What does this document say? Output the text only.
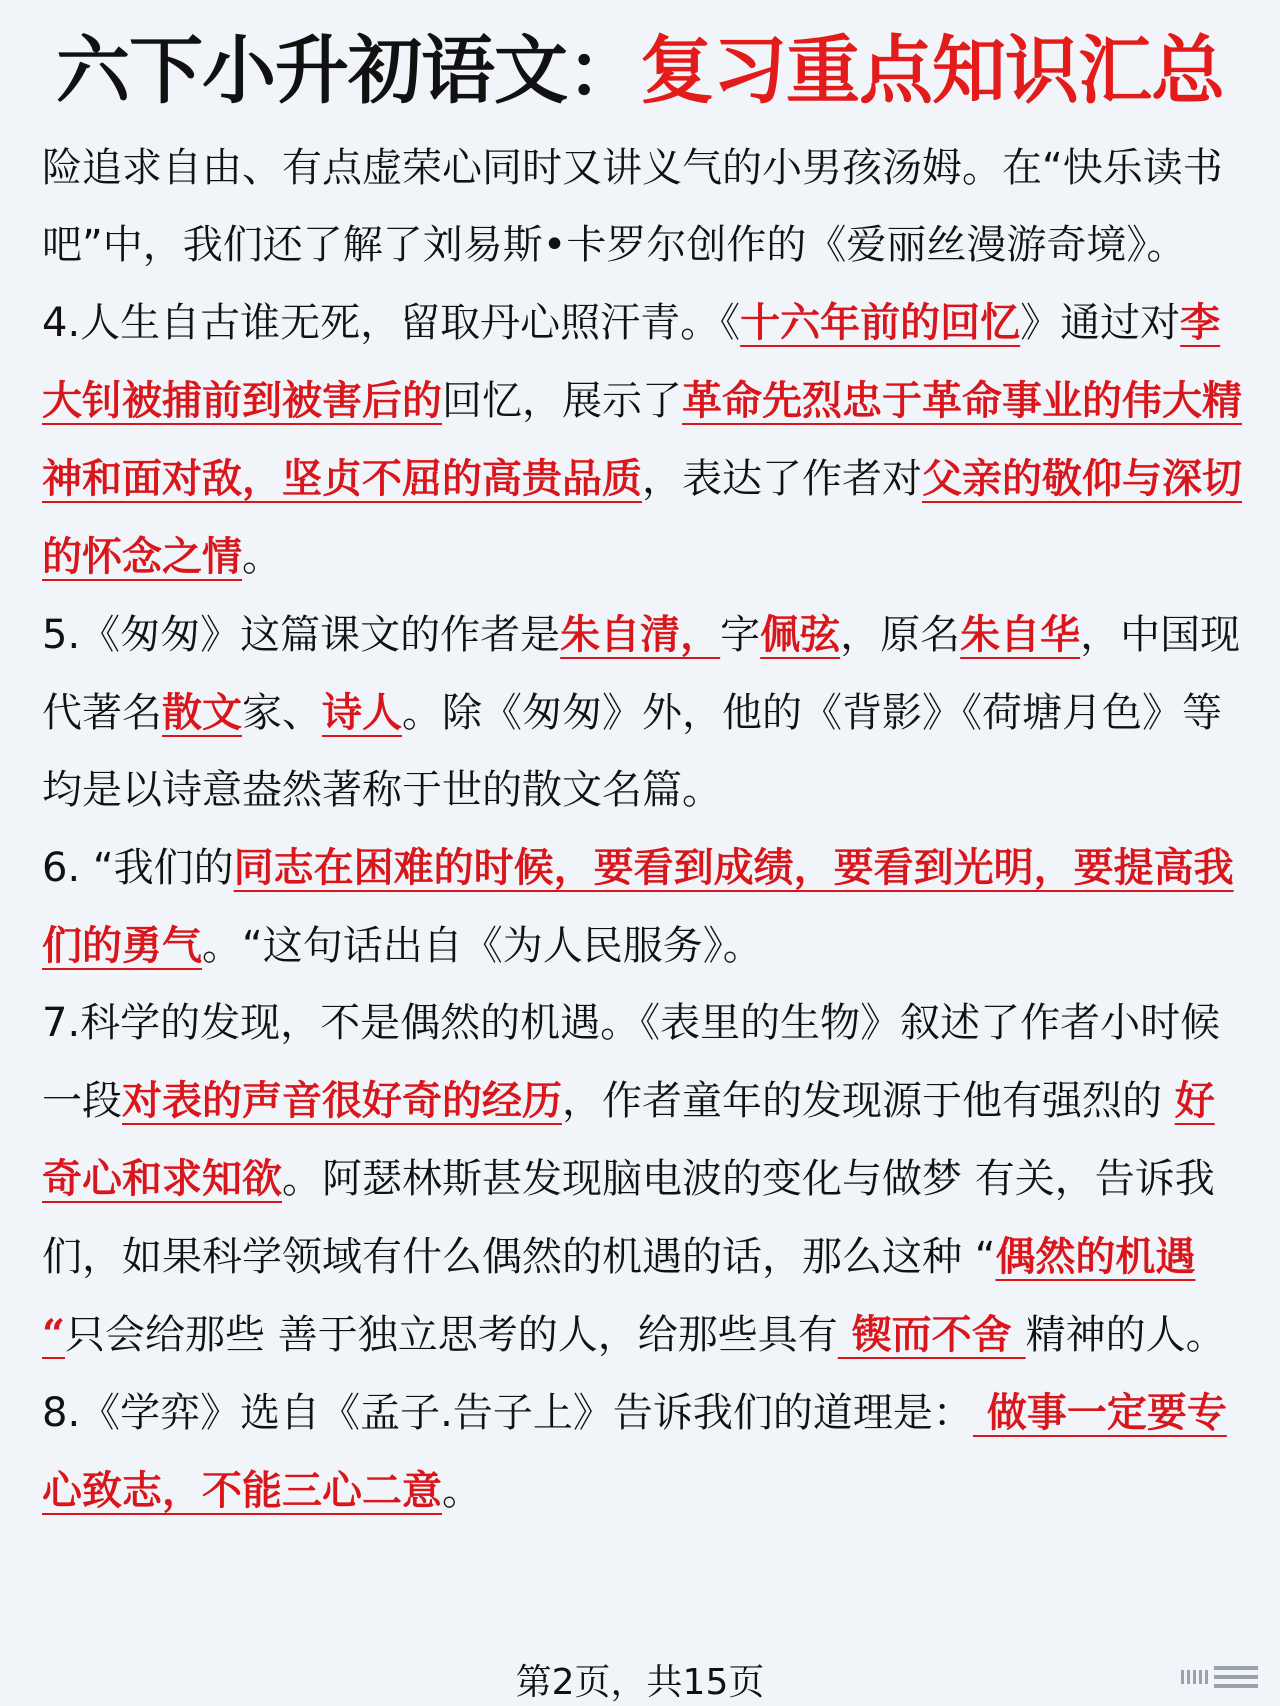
六下小升初语文： 复习重点知识汇总

险追求自由、有点虚荣心同时又讲义气的小男孩汤姆。在“快乐读书吧”中，我们还了解了刘易斯•卡罗尔创作的《爱丽丝漫游奇境》。

4.人生自古谁无死，留取丹心照汗青。《十六年前的回忆》通过对李大钊被捕前到被害后的回忆，展示了革命先烈忠于革命事业的伟大精神和面对敌，坚贞不屈的高贵品质，表达了作者对父亲的敬仰与深切的怀念之情。

5.《匆匆》这篇课文的作者是朱自清，字佩弦，原名朱自华，中国现代著名散文家、诗人。除《匆匆》外，他的《背影》《荷塘月色》等均是以诗意盎然著称于世的散文名篇。

6. “我们的同志在困难的时候，要看到成绩，要看到光明，要提高我们的勇气。“这句话出自《为人民服务》。

7.科学的发现，不是偶然的机遇。《表里的生物》叙述了作者小时候一段对表的声音很好奇的经历，作者童年的发现源于他有强烈的 好奇心和求知欲。阿瑟林斯甚发现脑电波的变化与做梦 有关，告诉我们，如果科学领域有什么偶然的机遇的话，那么这种 “偶然的机遇 “只会给那些 善于独立思考的人，给那些具有 锲而不舍 精神的人。

8.《学弈》选自《孟子.告子上》告诉我们的道理是： 做事一定要专心致志，不能三心二意。

第2页，共15页
